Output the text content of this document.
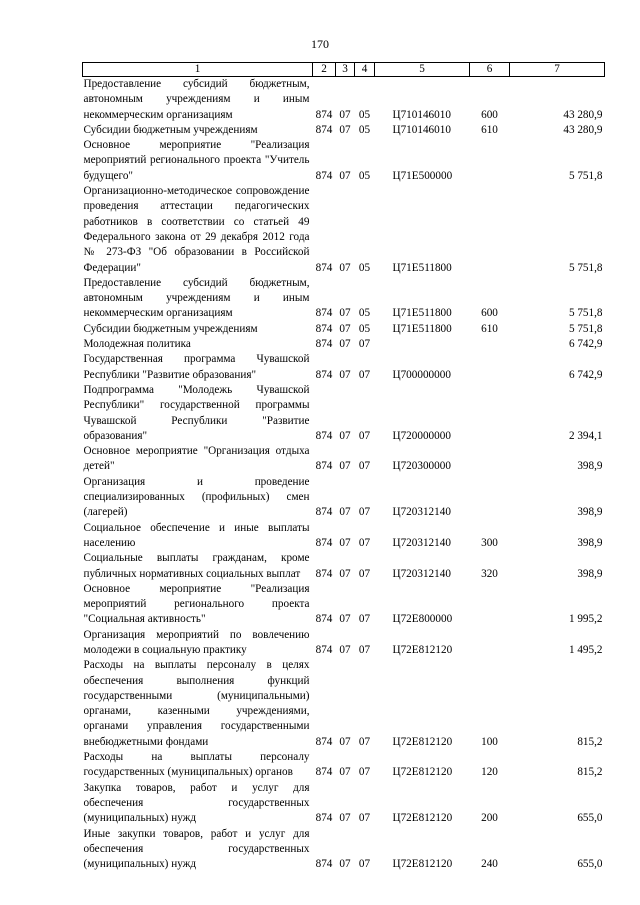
170
1	2	3	4	5	6	7
Предоставление субсидий бюджетным, автономным учреждениям и иным некоммерческим организациям	874	07	05	Ц710146010	600	43 280,9
Субсидии бюджетным учреждениям	874	07	05	Ц710146010	610	43 280,9
Основное мероприятие "Реализация мероприятий регионального проекта "Учитель будущего"	874	07	05	Ц71Е500000		5 751,8
Организационно-методическое сопровождение проведения аттестации педагогических работников в соответствии со статьей 49 Федерального закона от 29 декабря 2012 года № 273-ФЗ "Об образовании в Российской Федерации"	874	07	05	Ц71Е511800		5 751,8
Предоставление субсидий бюджетным, автономным учреждениям и иным некоммерческим организациям	874	07	05	Ц71Е511800	600	5 751,8
Субсидии бюджетным учреждениям	874	07	05	Ц71Е511800	610	5 751,8
Молодежная политика	874	07	07			6 742,9
Государственная программа Чувашской Республики "Развитие образования"	874	07	07	Ц700000000		6 742,9
Подпрограмма "Молодежь Чувашской Республики" государственной программы Чувашской Республики "Развитие образования"	874	07	07	Ц720000000		2 394,1
Основное мероприятие "Организация отдыха детей"	874	07	07	Ц720300000		398,9
Организация и проведение специализированных (профильных) смен (лагерей)	874	07	07	Ц720312140		398,9
Социальное обеспечение и иные выплаты населению	874	07	07	Ц720312140	300	398,9
Социальные выплаты гражданам, кроме публичных нормативных социальных выплат	874	07	07	Ц720312140	320	398,9
Основное мероприятие "Реализация мероприятий регионального проекта "Социальная активность"	874	07	07	Ц72Е800000		1 995,2
Организация мероприятий по вовлечению молодежи в социальную практику	874	07	07	Ц72Е812120		1 495,2
Расходы на выплаты персоналу в целях обеспечения выполнения функций государственными (муниципальными) органами, казенными учреждениями, органами управления государственными внебюджетными фондами	874	07	07	Ц72Е812120	100	815,2
Расходы на выплаты персоналу государственных (муниципальных) органов	874	07	07	Ц72Е812120	120	815,2
Закупка товаров, работ и услуг для обеспечения государственных (муниципальных) нужд	874	07	07	Ц72Е812120	200	655,0
Иные закупки товаров, работ и услуг для обеспечения государственных (муниципальных) нужд	874	07	07	Ц72Е812120	240	655,0
